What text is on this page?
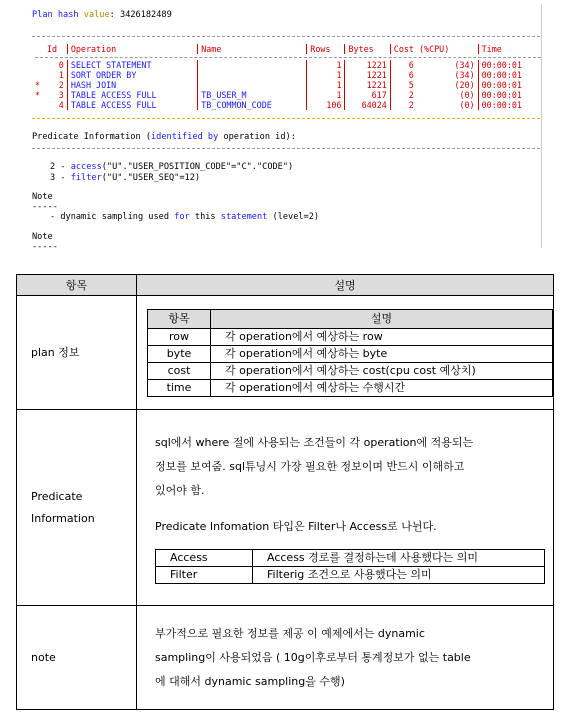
Plan hash value: 3426182489
	Id	Operation	Name	Rows	Bytes	Cost (%CPU)		Time

	0	SELECT STATEMENT		1	1221	6	(34)	00:00:01
	1	SORT ORDER BY		1	1221	6	(34)	00:00:01
*	2	HASH JOIN		1	1221	5	(20)	00:00:01
*	3	TABLE ACCESS FULL	TB_USER_M	1	617	2	(0)	00:00:01
	4	TABLE ACCESS FULL	TB_COMMON_CODE	106	64024	2	(0)	00:00:01
Predicate Information (identified by operation id):
2 - access("U"."USER_POSITION_CODE"="C"."CODE")
3 - filter("U"."USER_SEQ"=12)
Note
-----
- dynamic sampling used for this statement (level=2)
Note
-----
항목	설명
plan 정보	
항목	설명
row	각 operation에서 예상하는 row
byte	각 operation에서 예상하는 byte
cost	각 operation에서 예상하는 cost(cpu cost 예상치)
time	각 operation에서 예상하는 수행시간

Predicate
Information	

sql에서 where 절에 사용되는 조건들이 각 operation에 적용되는
정보를 보여줌. sql튜닝시 가장 필요한 정보이며 반드시 이해하고
있어야 함.

Predicate Infomation 타입은 Filter나 Access로 나뉜다.

Access	Access 경로를 결정하는데 사용했다는 의미
Filter	Filterig 조건으로 사용했다는 의미

note	

부가적으로 필요한 정보를 제공 이 예제에서는 dynamic
sampling이 사용되었음 ( 10g이후로부터 통계정보가 없는 table
에 대해서 dynamic sampling을 수행)
